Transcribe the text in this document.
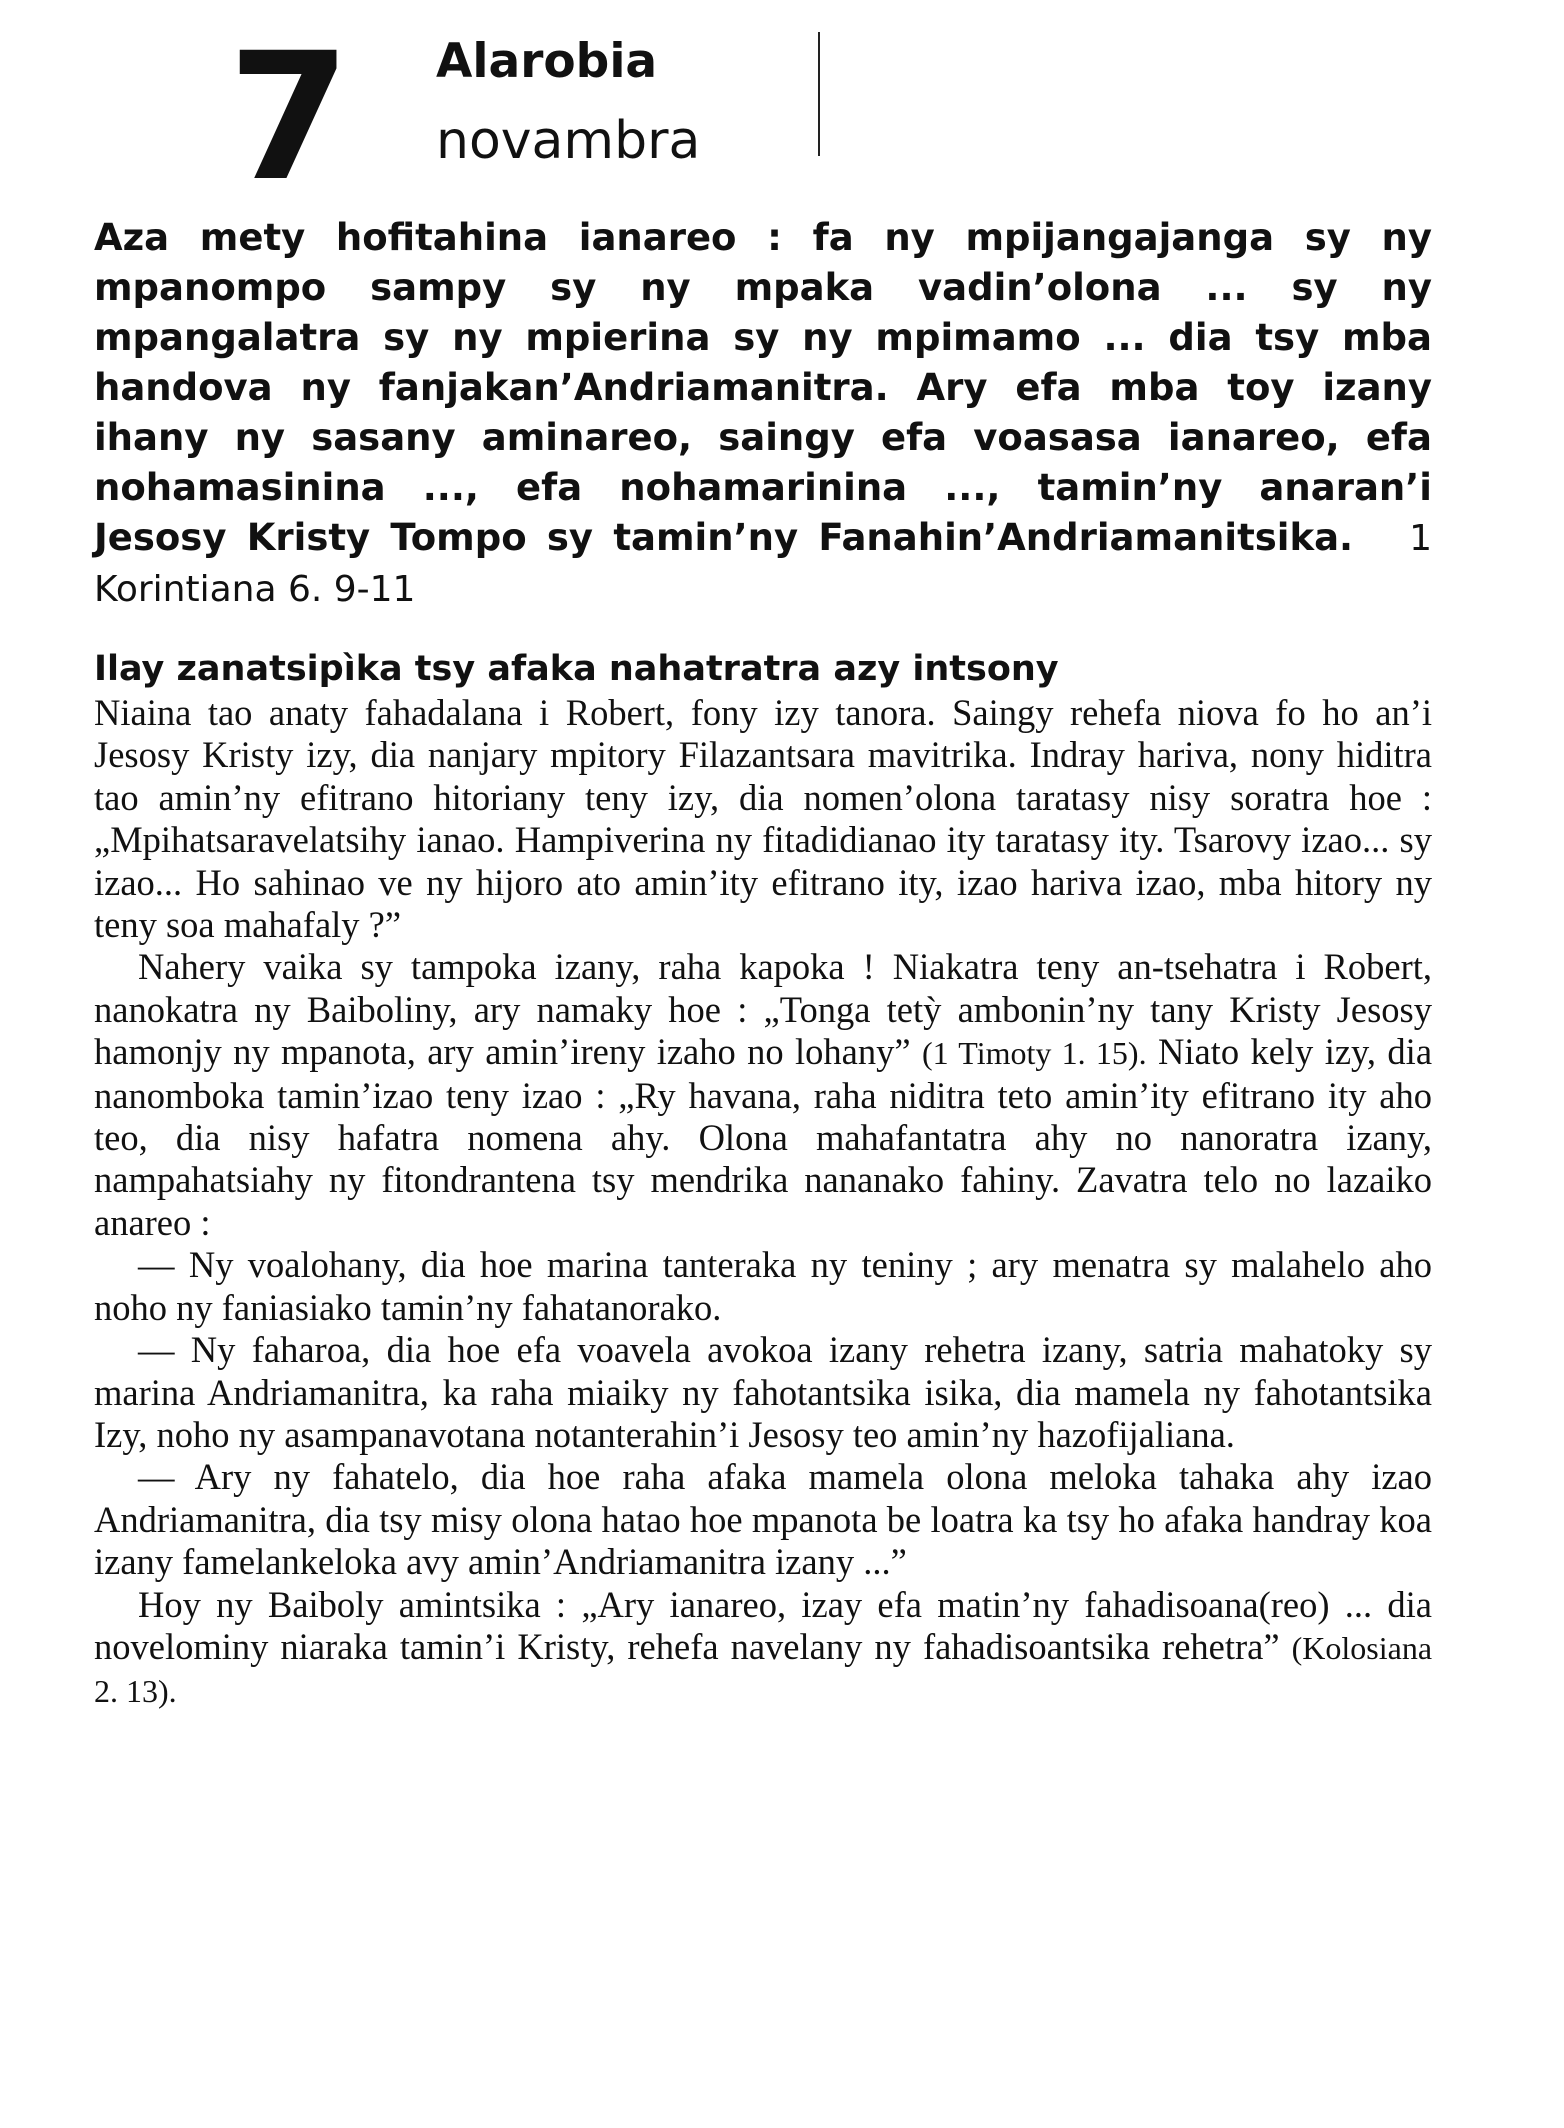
7 Alarobia
novambra

Aza mety hofitahina ianareo : fa ny mpijangajanga sy ny mpanompo sampy sy ny mpaka vadin’olona ... sy ny mpangalatra sy ny mpierina sy ny mpimamo ... dia tsy mba handova ny fanjakan’Andriamanitra. Ary efa mba toy izany ihany ny sasany aminareo, saingy efa voasasa ianareo, efa nohamasinina ..., efa nohamarinina ..., tamin’ny anaran’i Jesosy Kristy Tompo sy tamin’ny Fanahin’Andriamanitsika. 1 Korintiana 6. 9-11

Ilay zanatsipìka tsy afaka nahatratra azy intsony

Niaina tao anaty fahadalana i Robert, fony izy tanora. Saingy rehefa niova fo ho an’i Jesosy Kristy izy, dia nanjary mpitory Filazantsara mavitrika. Indray hariva, nony hiditra tao amin’ny efitrano hitoriany teny izy, dia nomen’olona taratasy nisy soratra hoe : „Mpihatsaravelatsihy ianao. Hampiverina ny fitadidianao ity taratasy ity. Tsarovy izao... sy izao... Ho sahinao ve ny hijoro ato amin’ity efitrano ity, izao hariva izao, mba hitory ny teny soa mahafaly ?”

Nahery vaika sy tampoka izany, raha kapoka ! Niakatra teny an-tsehatra i Robert, nanokatra ny Baiboliny, ary namaky hoe : „Tonga tetỳ ambonin’ny tany Kristy Jesosy hamonjy ny mpanota, ary amin’ireny izaho no lohany” (1 Timoty 1. 15). Niato kely izy, dia nanomboka tamin’izao teny izao : „Ry havana, raha niditra teto amin’ity efitrano ity aho teo, dia nisy hafatra nomena ahy. Olona mahafantatra ahy no nanoratra izany, nampahatsiahy ny fitondrantena tsy mendrika nananako fahiny. Zavatra telo no lazaiko anareo :

— Ny voalohany, dia hoe marina tanteraka ny teniny ; ary menatra sy malahelo aho noho ny faniasiako tamin’ny fahatanorako.

— Ny faharoa, dia hoe efa voavela avokoa izany rehetra izany, satria mahatoky sy marina Andriamanitra, ka raha miaiky ny fahotantsika isika, dia mamela ny fahotantsika Izy, noho ny asampanavotana notanterahin’i Jesosy teo amin’ny hazofijaliana.

— Ary ny fahatelo, dia hoe raha afaka mamela olona meloka tahaka ahy izao Andriamanitra, dia tsy misy olona hatao hoe mpanota be loatra ka tsy ho afaka handray koa izany famelankeloka avy amin’Andriamanitra izany ...”

Hoy ny Baiboly amintsika : „Ary ianareo, izay efa matin’ny fahadisoana(reo) ... dia novelominy niaraka tamin’i Kristy, rehefa navelany ny fahadisoantsika rehetra” (Kolosiana 2. 13).
